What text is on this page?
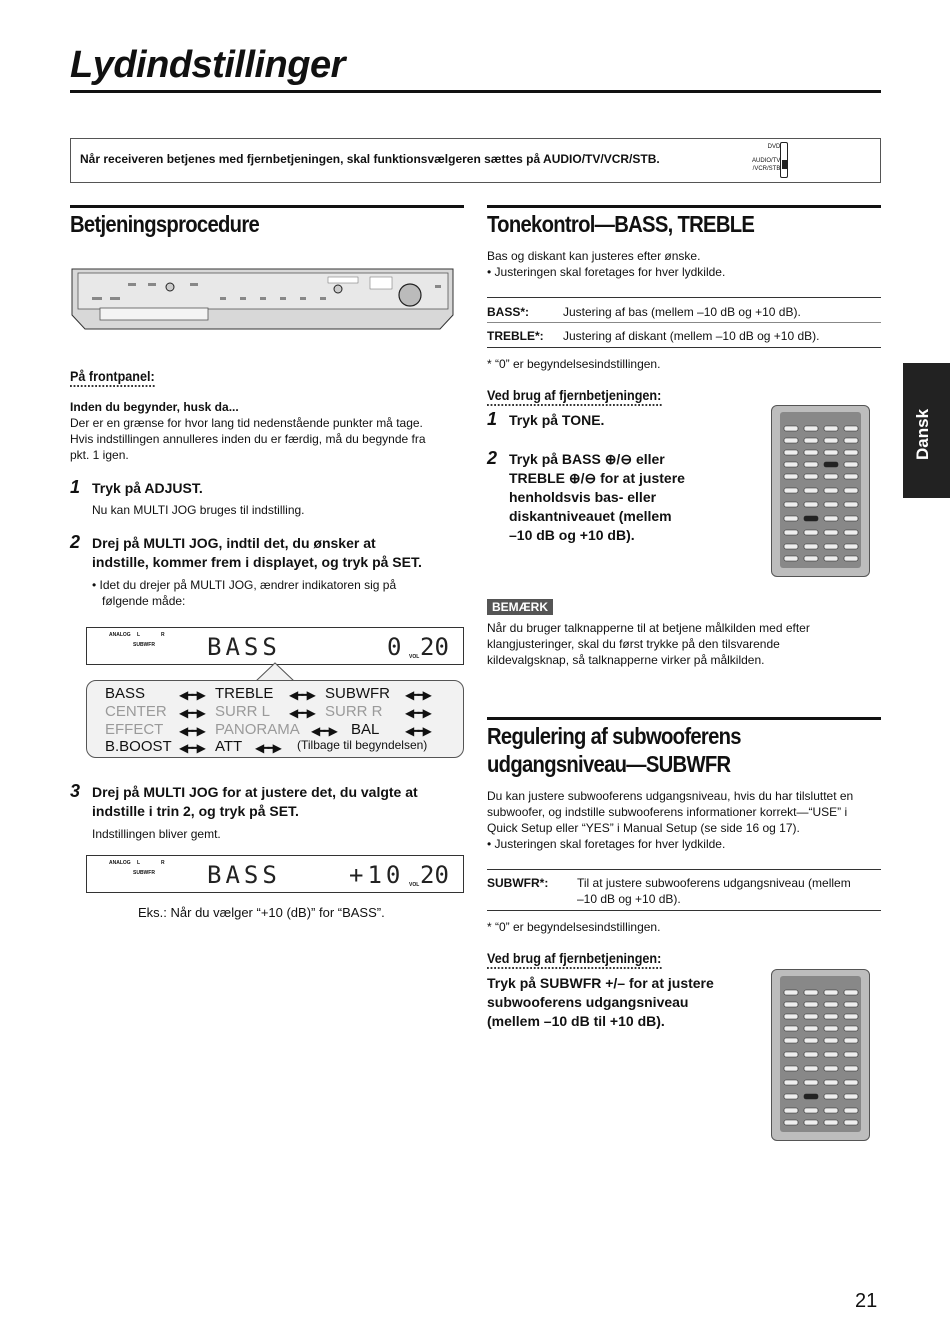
Lydindstillinger
Når receiveren betjenes med fjernbetjeningen, skal funktionsvælgeren sættes på AUDIO/TV/VCR/STB.
DVD
AUDIO/TV
/VCR/STB
Betjeningsprocedure
På frontpanel:
Inden du begynder, husk da...
Der er en grænse for hvor lang tid nedenstående punkter må tage.
Hvis indstillingen annulleres inden du er færdig, må du begynde fra
pkt. 1 igen.
1 Tryk på ADJUST.
Nu kan MULTI JOG bruges til indstilling.
2 Drej på MULTI JOG, indtil det, du ønsker at
indstille, kommer frem i displayet, og tryk på SET.
• Idet du drejer på MULTI JOG, ændrer indikatoren sig på
følgende måde:
ANALOG L	R
SUBWFR BASS	0 VOL 20
BASS	◀━━▶ TREBLE ◀━━▶ SUBWFR ◀━━▶
CENTER ◀━━▶ SURR L ◀━━▶ SURR R ◀━━▶
EFFECT ◀━━▶ PANORAMA ◀━━▶ BAL ◀━━▶
B.BOOST ◀━━▶ ATT ◀━━▶ (Tilbage til begyndelsen)
3 Drej på MULTI JOG for at justere det, du valgte at
indstille i trin 2, og tryk på SET.
Indstillingen bliver gemt.
ANALOG L	R
SUBWFR BASS	+10 VOL 20
Eks.: Når du vælger “+10 (dB)” for “BASS”.
Tonekontrol—BASS, TREBLE
Bas og diskant kan justeres efter ønske.
• Justeringen skal foretages for hver lydkilde.
BASS*:	Justering af bas (mellem –10 dB og +10 dB).
TREBLE*: Justering af diskant (mellem –10 dB og +10 dB).
* “0” er begyndelsesindstillingen.
Ved brug af fjernbetjeningen:
1 Tryk på TONE.
2 Tryk på BASS ⊕/⊖ eller
TREBLE ⊕/⊖ for at justere
henholdsvis bas- eller
diskantniveauet (mellem
–10 dB og +10 dB).
BEMÆRK
Når du bruger talknapperne til at betjene målkilden med efter
klangjusteringer, skal du først trykke på den tilsvarende
kildevalgsknap, så talknapperne virker på målkilden.
Regulering af subwooferens
udgangsniveau—SUBWFR
Du kan justere subwooferens udgangsniveau, hvis du har tilsluttet en
subwoofer, og indstille subwooferens informationer korrekt—“USE” i
Quick Setup eller “YES” i Manual Setup (se side 16 og 17).
• Justeringen skal foretages for hver lydkilde.
SUBWFR*: Til at justere subwooferens udgangsniveau (mellem
–10 dB og +10 dB).
* “0” er begyndelsesindstillingen.
Ved brug af fjernbetjeningen:
Tryk på SUBWFR +/– for at justere
subwooferens udgangsniveau
(mellem –10 dB til +10 dB).
Dansk
21
